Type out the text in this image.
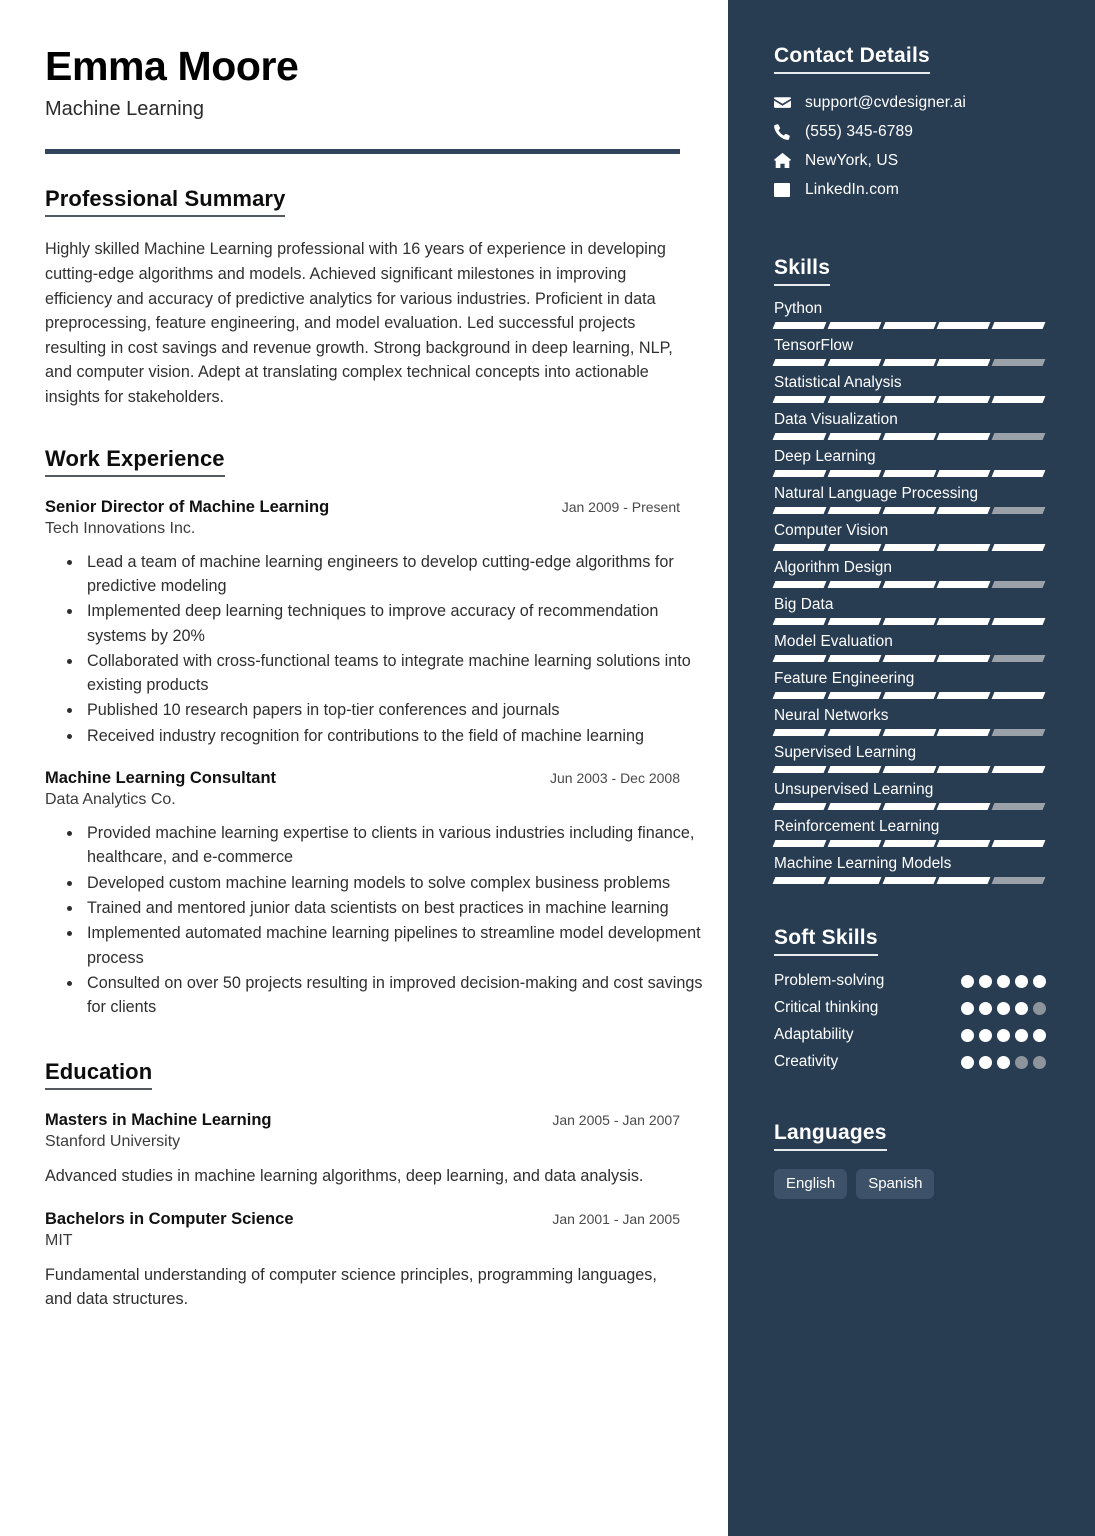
Emma Moore
Machine Learning
Professional Summary

Highly skilled Machine Learning professional with 16 years of experience in developing cutting-edge algorithms and models. Achieved significant milestones in improving efficiency and accuracy of predictive analytics for various industries. Proficient in data preprocessing, feature engineering, and model evaluation. Led successful projects resulting in cost savings and revenue growth. Strong background in deep learning, NLP, and computer vision. Adept at translating complex technical concepts into actionable insights for stakeholders.

Work Experience
Senior Director of Machine Learning	Jan 2009 - Present
Tech Innovations Inc.
• Lead a team of machine learning engineers to develop cutting-edge algorithms for predictive modeling
• Implemented deep learning techniques to improve accuracy of recommendation systems by 20%
• Collaborated with cross-functional teams to integrate machine learning solutions into existing products
• Published 10 research papers in top-tier conferences and journals
• Received industry recognition for contributions to the field of machine learning
Machine Learning Consultant	Jun 2003 - Dec 2008
Data Analytics Co.
• Provided machine learning expertise to clients in various industries including finance, healthcare, and e-commerce
• Developed custom machine learning models to solve complex business problems
• Trained and mentored junior data scientists on best practices in machine learning
• Implemented automated machine learning pipelines to streamline model development process
• Consulted on over 50 projects resulting in improved decision-making and cost savings for clients
Education
Masters in Machine Learning	Jan 2005 - Jan 2007
Stanford University

Advanced studies in machine learning algorithms, deep learning, and data analysis.

Bachelors in Computer Science	Jan 2001 - Jan 2005
MIT

Fundamental understanding of computer science principles, programming languages, and data structures.

Contact Details
support@cvdesigner.ai
(555) 345-6789
NewYork, US
LinkedIn.com
Skills
Python
TensorFlow
Statistical Analysis
Data Visualization
Deep Learning
Natural Language Processing
Computer Vision
Algorithm Design
Big Data
Model Evaluation
Feature Engineering
Neural Networks
Supervised Learning
Unsupervised Learning
Reinforcement Learning
Machine Learning Models
Soft Skills
Problem-solving
Critical thinking
Adaptability
Creativity
Languages
English	Spanish
